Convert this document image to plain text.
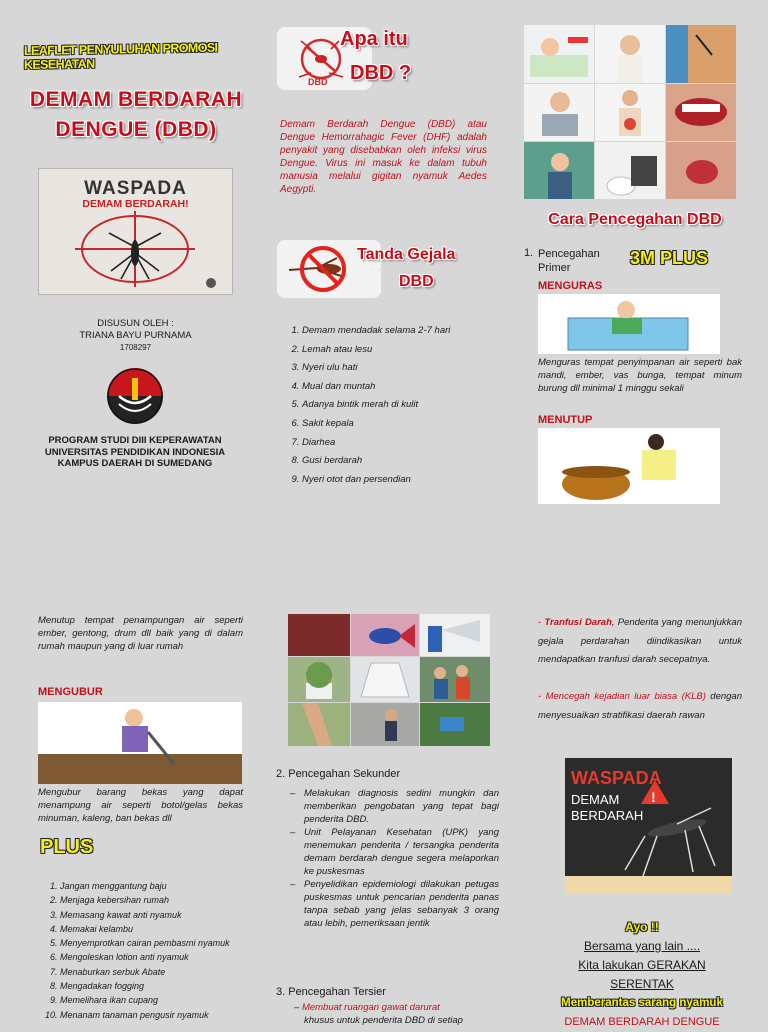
LEAFLET PENYULUHAN PROMOSI KESEHATAN
DEMAM BERDARAH
DENGUE (DBD)
WASPADA
DEMAM BERDARAH!
DISUSUN OLEH :
TRIANA BAYU PURNAMA
1708297
PROGRAM STUDI DIII KEPERAWATAN
UNIVERSITAS PENDIDIKAN INDONESIA
KAMPUS DAERAH DI SUMEDANG
DBD
Apa itu
DBD ?
Demam Berdarah Dengue (DBD) atau Dengue Hemorrahagic Fever (DHF) adalah penyakit yang disebabkan oleh infeksi virus Dengue. Virus ini masuk ke dalam tubuh manusia melalui gigitan nyamuk Aedes Aegypti.
Tanda Gejala
DBD
1. Demam mendadak selama 2-7 hari
2. Lemah atau lesu
3. Nyeri ulu hati
4. Mual dan muntah
5. Adanya bintik merah di kulit
6. Sakit kepala
7. Diarhea
8. Gusi berdarah
9. Nyeri otot dan persendian
Cara Pencegahan DBD
1. Pencegahan Primer	3M PLUS
MENGURAS
Menguras tempat penyimpanan air seperti bak mandi, ember, vas bunga, tempat minum burung dll minimal 1 minggu sekali
MENUTUP
Menutup tempat penampungan air seperti ember, gentong, drum dll baik yang di dalam rumah maupun yang di luar rumah
MENGUBUR
Mengubur barang bekas yang dapat menampung air seperti botol/gelas bekas minuman, kaleng, ban bekas dll
PLUS
1. Jangan menggantung baju
2. Menjaga kebersihan rumah
3. Memasang kawat anti nyamuk
4. Memakai kelambu
5. Menyemprotkan cairan pembasmi nyamuk
6. Mengoleskan lotion anti nyamuk
7. Menaburkan serbuk Abate
8. Mengadakan fogging
9. Memelihara ikan cupang
10. Menanam tanaman pengusir nyamuk
2. Pencegahan Sekunder
– Melakukan diagnosis sedini mungkin dan memberikan pengobatan yang tepat bagi penderita DBD.
– Unit Pelayanan Kesehatan (UPK) yang menemukan penderita / tersangka penderita demam berdarah dengue segera melaporkan ke puskesmas
– Penyelidikan epidemiologi dilakukan petugas puskesmas untuk pencarian penderita panas tanpa sebab yang jelas sebanyak 3 orang atau lebih, pemeriksaan jentik
3. Pencegahan Tersier
– Membuat ruangan gawat darurat
khusus untuk penderita DBD di setiap
- Tranfusi Darah, Penderita yang menunjukkan gejala perdarahan diindikasikan untuk mendapatkan tranfusi darah secepatnya.
- Mencegah kejadian luar biasa (KLB) dengan menyesuaikan stratifikasi daerah rawan
WASPADA
DEMAM
BERDARAH
!
Ayo !!
Bersama yang lain ....
Kita lakukan GERAKAN
SERENTAK
Memberantas sarang nyamuk
DEMAM BERDARAH DENGUE
